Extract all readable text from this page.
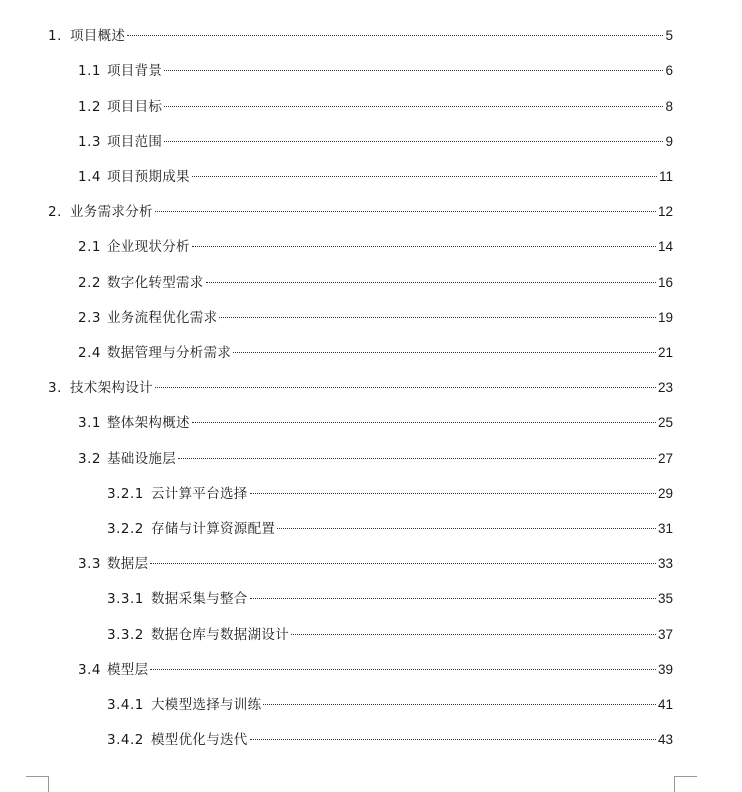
1. 项目概述	5
1.1 项目背景	6
1.2 项目目标	8
1.3 项目范围	9
1.4 项目预期成果	11
2. 业务需求分析	12
2.1 企业现状分析	14
2.2 数字化转型需求	16
2.3 业务流程优化需求	19
2.4 数据管理与分析需求	21
3. 技术架构设计	23
3.1 整体架构概述	25
3.2 基础设施层	27
3.2.1 云计算平台选择	29
3.2.2 存储与计算资源配置	31
3.3 数据层	33
3.3.1 数据采集与整合	35
3.3.2 数据仓库与数据湖设计	37
3.4 模型层	39
3.4.1 大模型选择与训练	41
3.4.2 模型优化与迭代	43
